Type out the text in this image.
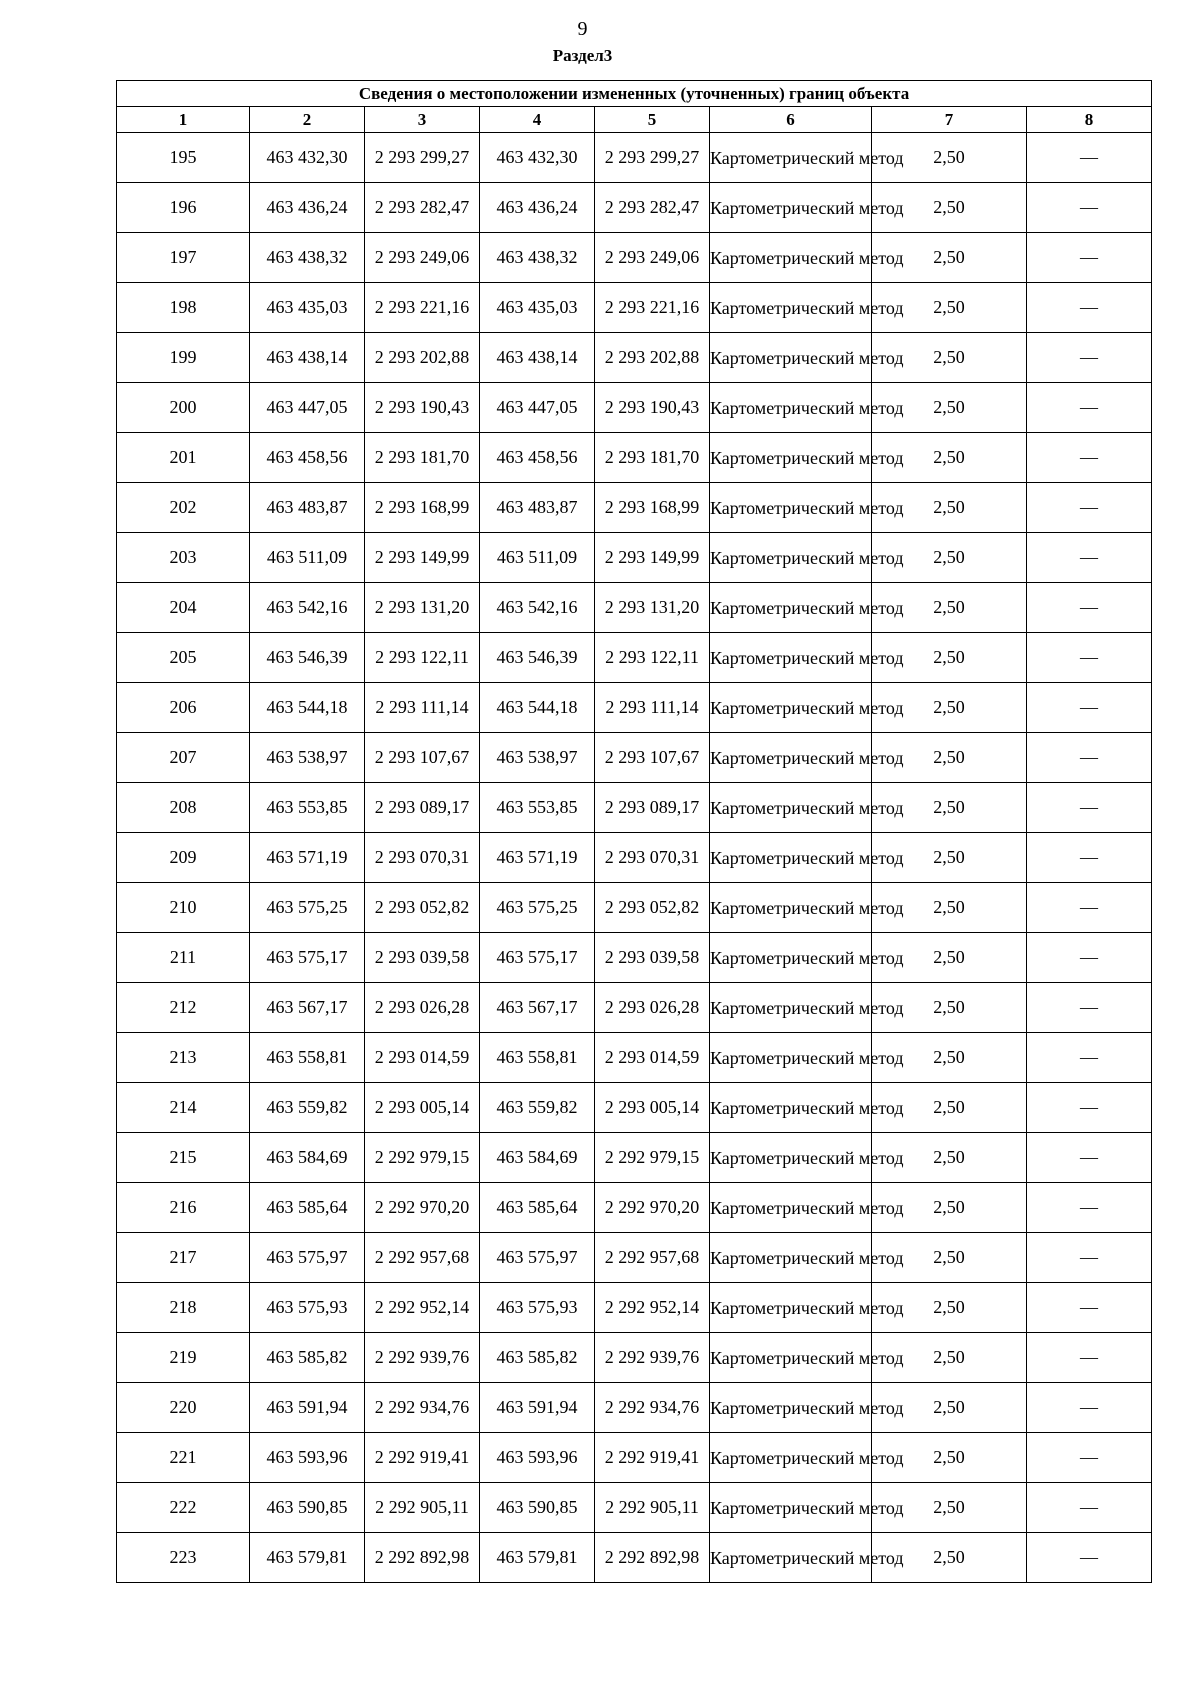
9
Раздел3
Сведения о местоположении измененных (уточненных) границ объекта							
1	2	3	4	5	6	7	8
195	463 432,30	2 293 299,27	463 432,30	2 293 299,27	Картометрический метод	2,50	—
196	463 436,24	2 293 282,47	463 436,24	2 293 282,47	Картометрический метод	2,50	—
197	463 438,32	2 293 249,06	463 438,32	2 293 249,06	Картометрический метод	2,50	—
198	463 435,03	2 293 221,16	463 435,03	2 293 221,16	Картометрический метод	2,50	—
199	463 438,14	2 293 202,88	463 438,14	2 293 202,88	Картометрический метод	2,50	—
200	463 447,05	2 293 190,43	463 447,05	2 293 190,43	Картометрический метод	2,50	—
201	463 458,56	2 293 181,70	463 458,56	2 293 181,70	Картометрический метод	2,50	—
202	463 483,87	2 293 168,99	463 483,87	2 293 168,99	Картометрический метод	2,50	—
203	463 511,09	2 293 149,99	463 511,09	2 293 149,99	Картометрический метод	2,50	—
204	463 542,16	2 293 131,20	463 542,16	2 293 131,20	Картометрический метод	2,50	—
205	463 546,39	2 293 122,11	463 546,39	2 293 122,11	Картометрический метод	2,50	—
206	463 544,18	2 293 111,14	463 544,18	2 293 111,14	Картометрический метод	2,50	—
207	463 538,97	2 293 107,67	463 538,97	2 293 107,67	Картометрический метод	2,50	—
208	463 553,85	2 293 089,17	463 553,85	2 293 089,17	Картометрический метод	2,50	—
209	463 571,19	2 293 070,31	463 571,19	2 293 070,31	Картометрический метод	2,50	—
210	463 575,25	2 293 052,82	463 575,25	2 293 052,82	Картометрический метод	2,50	—
211	463 575,17	2 293 039,58	463 575,17	2 293 039,58	Картометрический метод	2,50	—
212	463 567,17	2 293 026,28	463 567,17	2 293 026,28	Картометрический метод	2,50	—
213	463 558,81	2 293 014,59	463 558,81	2 293 014,59	Картометрический метод	2,50	—
214	463 559,82	2 293 005,14	463 559,82	2 293 005,14	Картометрический метод	2,50	—
215	463 584,69	2 292 979,15	463 584,69	2 292 979,15	Картометрический метод	2,50	—
216	463 585,64	2 292 970,20	463 585,64	2 292 970,20	Картометрический метод	2,50	—
217	463 575,97	2 292 957,68	463 575,97	2 292 957,68	Картометрический метод	2,50	—
218	463 575,93	2 292 952,14	463 575,93	2 292 952,14	Картометрический метод	2,50	—
219	463 585,82	2 292 939,76	463 585,82	2 292 939,76	Картометрический метод	2,50	—
220	463 591,94	2 292 934,76	463 591,94	2 292 934,76	Картометрический метод	2,50	—
221	463 593,96	2 292 919,41	463 593,96	2 292 919,41	Картометрический метод	2,50	—
222	463 590,85	2 292 905,11	463 590,85	2 292 905,11	Картометрический метод	2,50	—
223	463 579,81	2 292 892,98	463 579,81	2 292 892,98	Картометрический метод	2,50	—
